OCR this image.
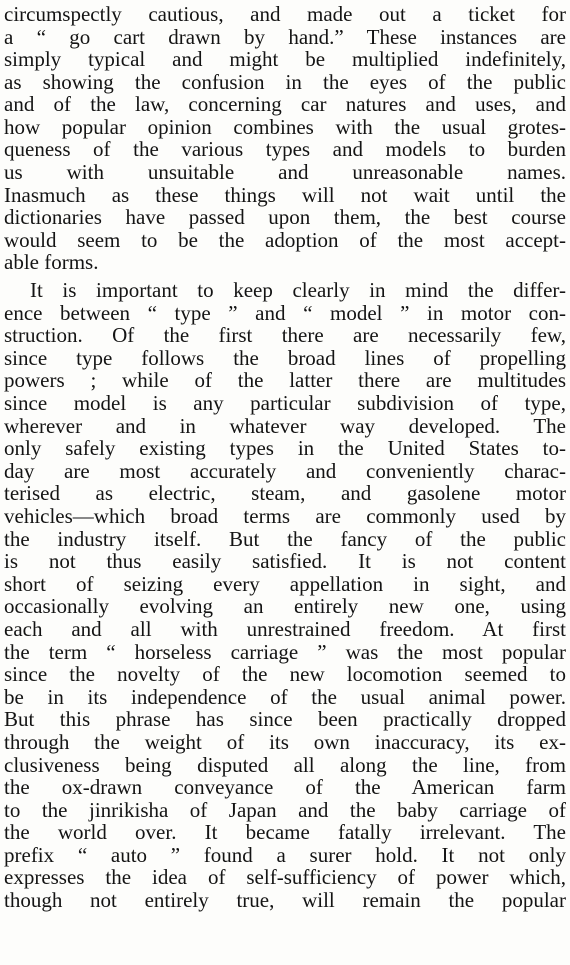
circumspectly cautious, and made out a ticket for
a “ go cart drawn by hand.” These instances are
simply typical and might be multiplied indefinitely,
as showing the confusion in the eyes of the public
and of the law, concerning car natures and uses, and
how popular opinion combines with the usual grotes-
queness of the various types and models to burden
us with unsuitable and unreasonable names.
Inasmuch as these things will not wait until the
dictionaries have passed upon them, the best course
would seem to be the adoption of the most accept-
able forms.
It is important to keep clearly in mind the differ-
ence between “ type ” and “ model ” in motor con-
struction. Of the first there are necessarily few,
since type follows the broad lines of propelling
powers ; while of the latter there are multitudes
since model is any particular subdivision of type,
wherever and in whatever way developed. The
only safely existing types in the United States to-
day are most accurately and conveniently charac-
terised as electric, steam, and gasolene motor
vehicles—which broad terms are commonly used by
the industry itself. But the fancy of the public
is not thus easily satisfied. It is not content
short of seizing every appellation in sight, and
occasionally evolving an entirely new one, using
each and all with unrestrained freedom. At first
the term “ horseless carriage ” was the most popular
since the novelty of the new locomotion seemed to
be in its independence of the usual animal power.
But this phrase has since been practically dropped
through the weight of its own inaccuracy, its ex-
clusiveness being disputed all along the line, from
the ox-drawn conveyance of the American farm
to the jinrikisha of Japan and the baby carriage of
the world over. It became fatally irrelevant. The
prefix “ auto ” found a surer hold. It not only
expresses the idea of self-sufficiency of power which,
though not entirely true, will remain the popular
